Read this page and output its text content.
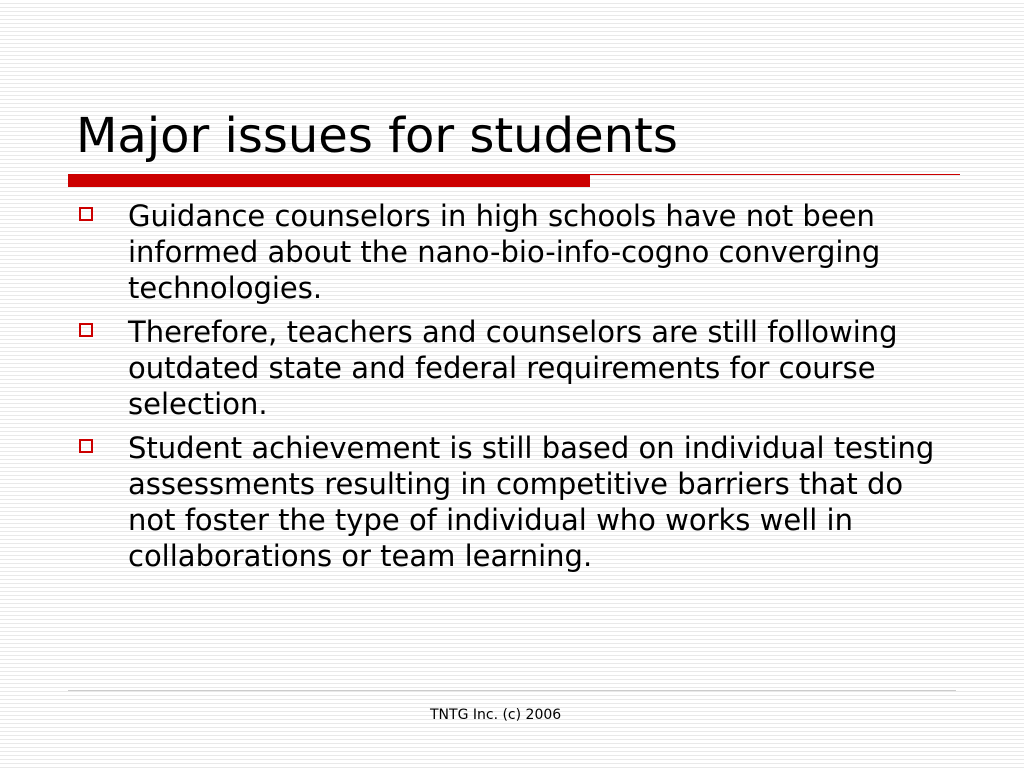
Major issues for students
Guidance counselors in high schools have not been informed about the nano-bio-info-cogno converging technologies.
Therefore, teachers and counselors are still following outdated state and federal requirements for course selection.
Student achievement is still based on individual testing assessments resulting in competitive barriers that do not foster the type of individual who works well in collaborations or team learning.
TNTG Inc. (c) 2006
